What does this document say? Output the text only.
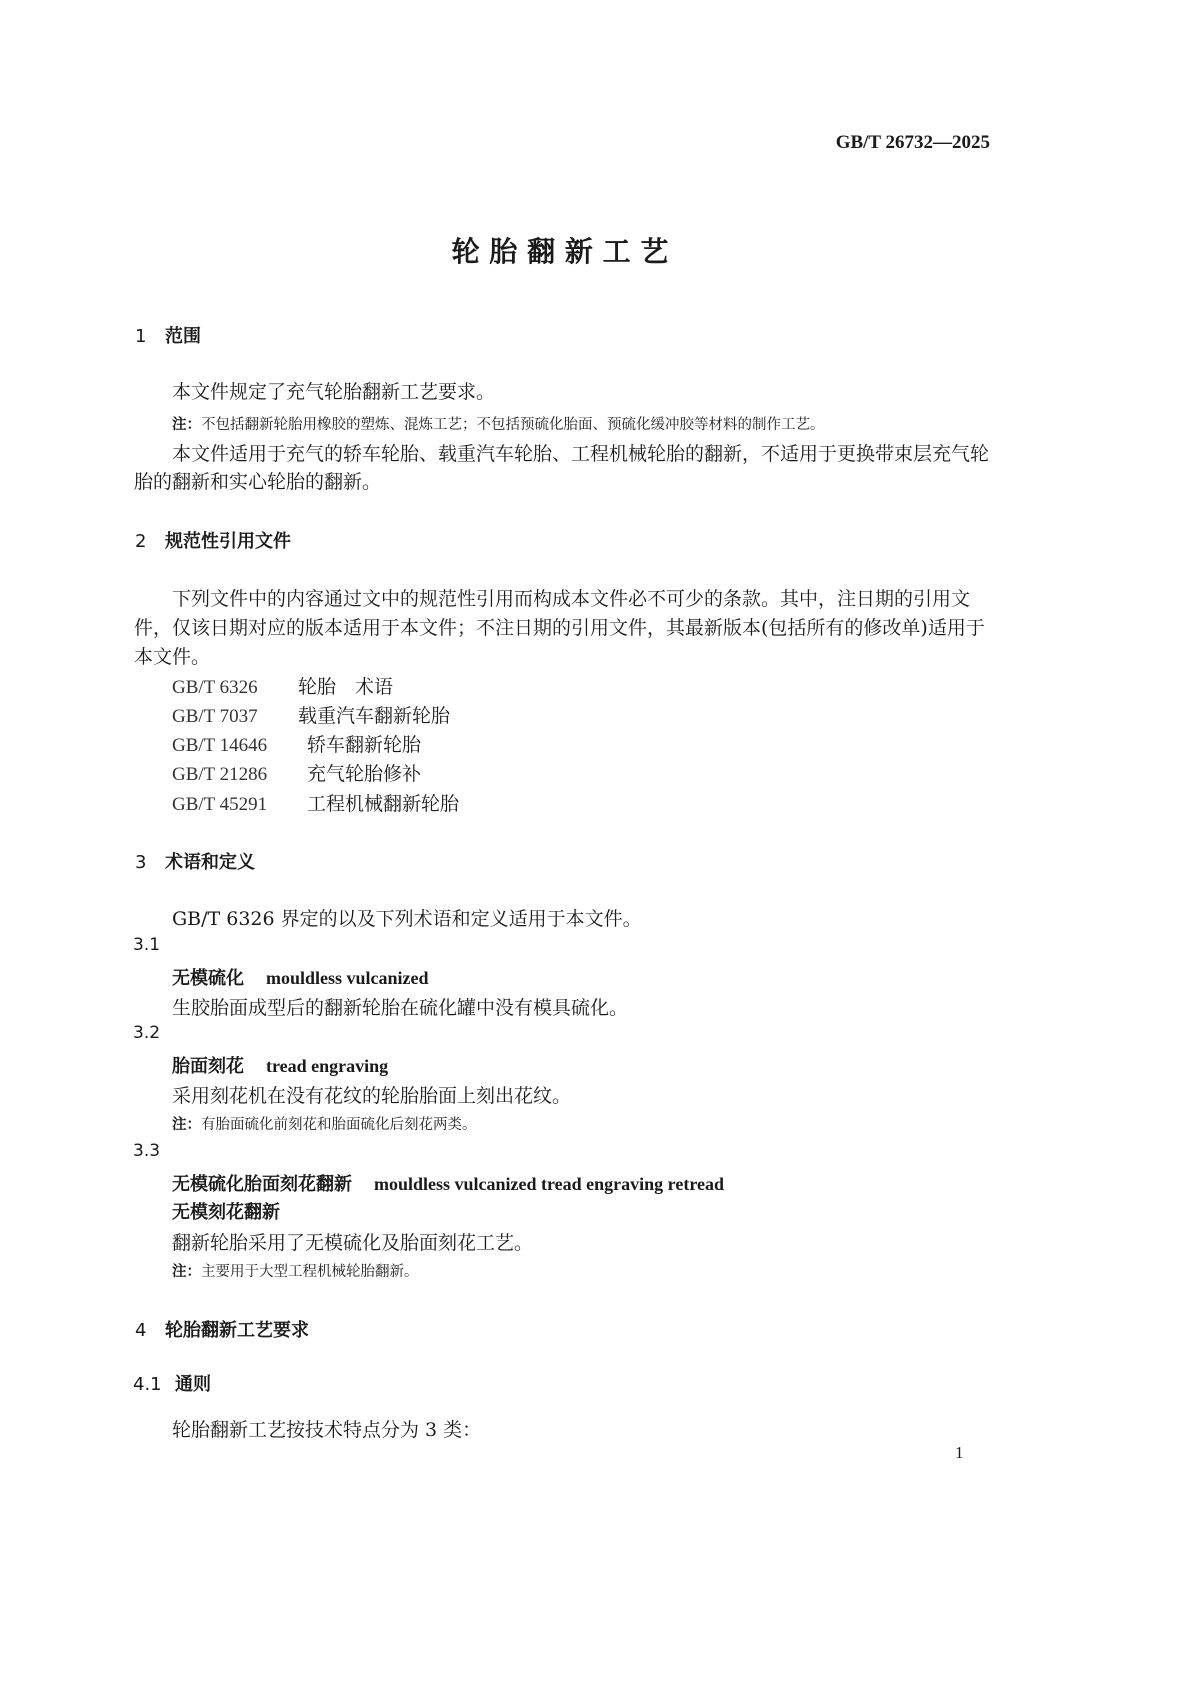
GB/T 26732—2025
轮 胎 翻 新 工 艺
1 范围
本文件规定了充气轮胎翻新工艺要求。
注：不包括翻新轮胎用橡胶的塑炼、混炼工艺；不包括预硫化胎面、预硫化缓冲胶等材料的制作工艺。
本文件适用于充气的轿车轮胎、载重汽车轮胎、工程机械轮胎的翻新，不适用于更换带束层充气轮
胎的翻新和实心轮胎的翻新。
2 规范性引用文件
下列文件中的内容通过文中的规范性引用而构成本文件必不可少的条款。其中，注日期的引用文
件，仅该日期对应的版本适用于本文件；不注日期的引用文件，其最新版本(包括所有的修改单)适用于
本文件。
GB/T 6326 轮胎　术语
GB/T 7037 载重汽车翻新轮胎
GB/T 14646 轿车翻新轮胎
GB/T 21286 充气轮胎修补
GB/T 45291 工程机械翻新轮胎
3 术语和定义
GB/T 6326 界定的以及下列术语和定义适用于本文件。
3.1
无模硫化 mouldless vulcanized
生胶胎面成型后的翻新轮胎在硫化罐中没有模具硫化。
3.2
胎面刻花 tread engraving
采用刻花机在没有花纹的轮胎胎面上刻出花纹。
注：有胎面硫化前刻花和胎面硫化后刻花两类。
3.3
无模硫化胎面刻花翻新 mouldless vulcanized tread engraving retread
无模刻花翻新
翻新轮胎采用了无模硫化及胎面刻花工艺。
注：主要用于大型工程机械轮胎翻新。
4 轮胎翻新工艺要求
4.1 通则
轮胎翻新工艺按技术特点分为 3 类：
1
